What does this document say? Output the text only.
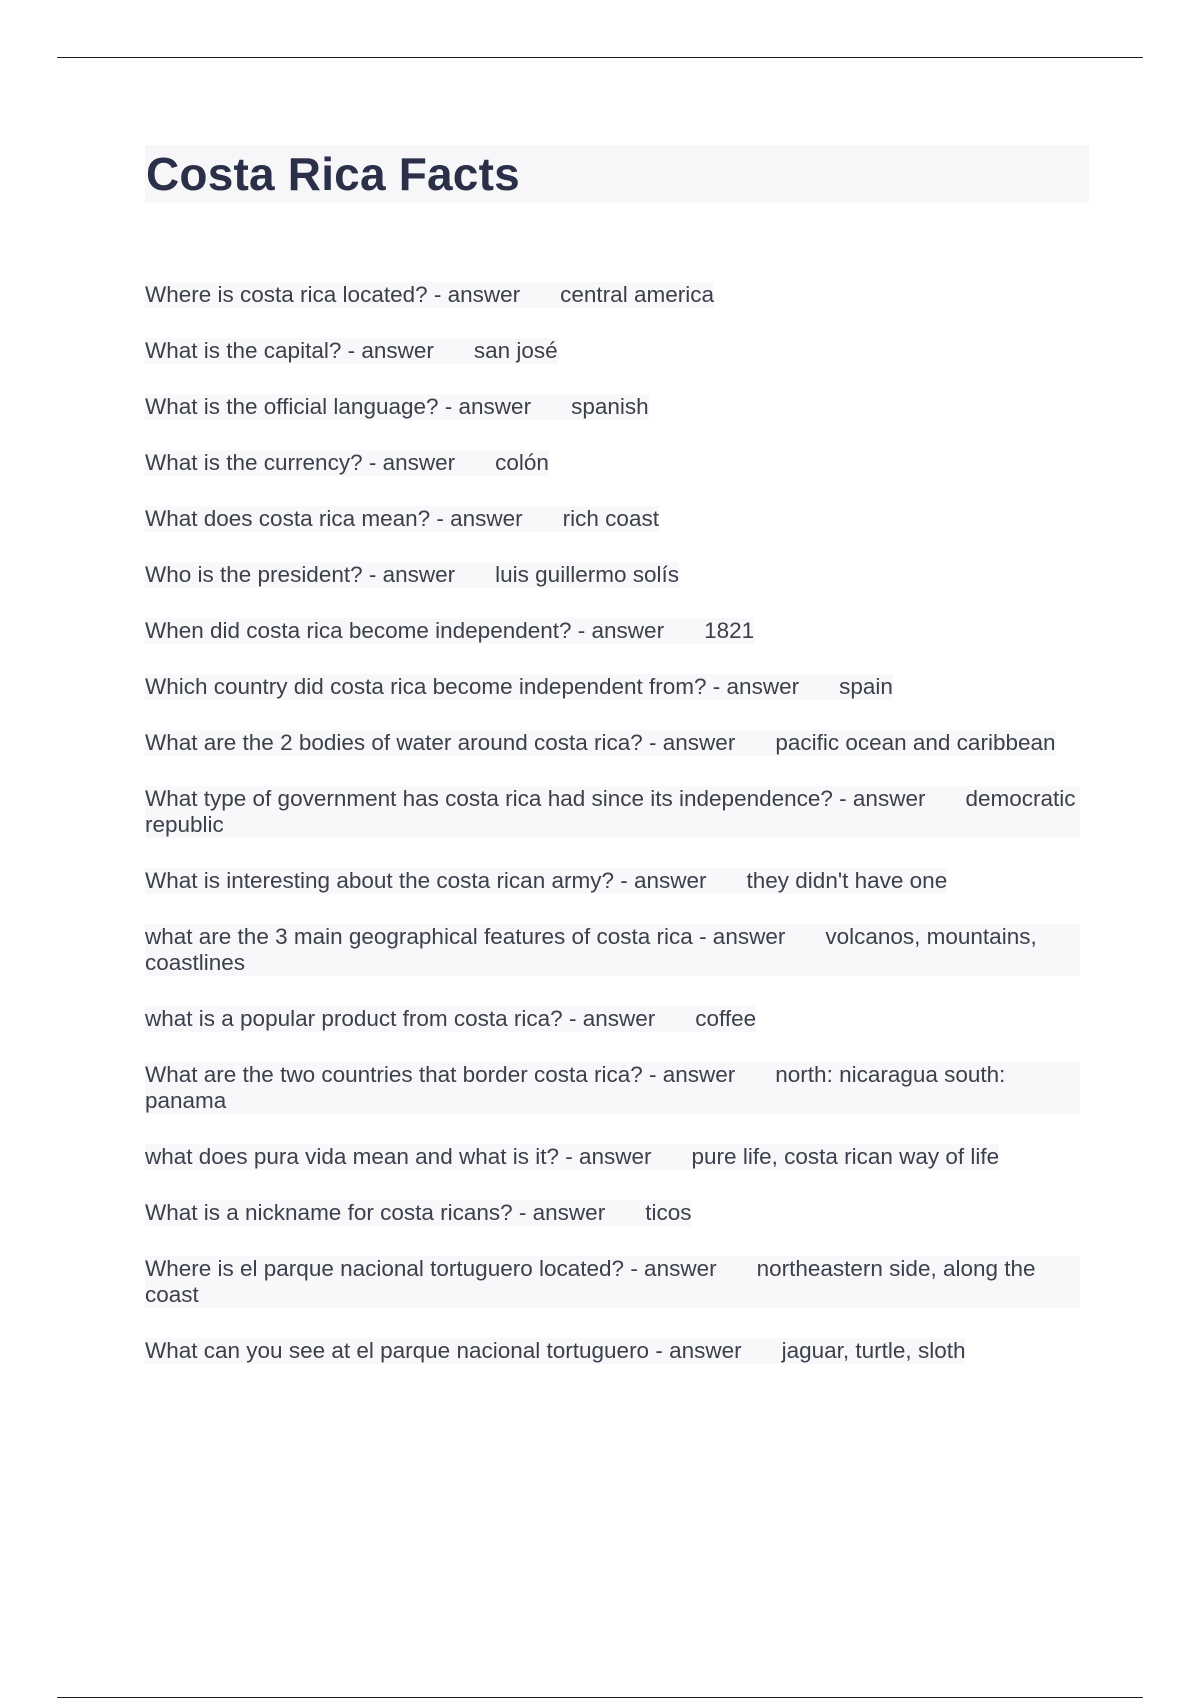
Costa Rica Facts
Where is costa rica located? - answer central america
What is the capital? - answer san josé
What is the official language? - answer spanish
What is the currency? - answer colón
What does costa rica mean? - answer rich coast
Who is the president? - answer luis guillermo solís
When did costa rica become independent? - answer 1821
Which country did costa rica become independent from? - answer spain
What are the 2 bodies of water around costa rica? - answer pacific ocean and caribbean
What type of government has costa rica had since its independence? - answer democratic republic
What is interesting about the costa rican army? - answer they didn't have one
what are the 3 main geographical features of costa rica - answer volcanos, mountains, coastlines
what is a popular product from costa rica? - answer coffee
What are the two countries that border costa rica? - answer north: nicaragua south: panama
what does pura vida mean and what is it? - answer pure life, costa rican way of life
What is a nickname for costa ricans? - answer ticos
Where is el parque nacional tortuguero located? - answer northeastern side, along the coast
What can you see at el parque nacional tortuguero - answer jaguar, turtle, sloth
